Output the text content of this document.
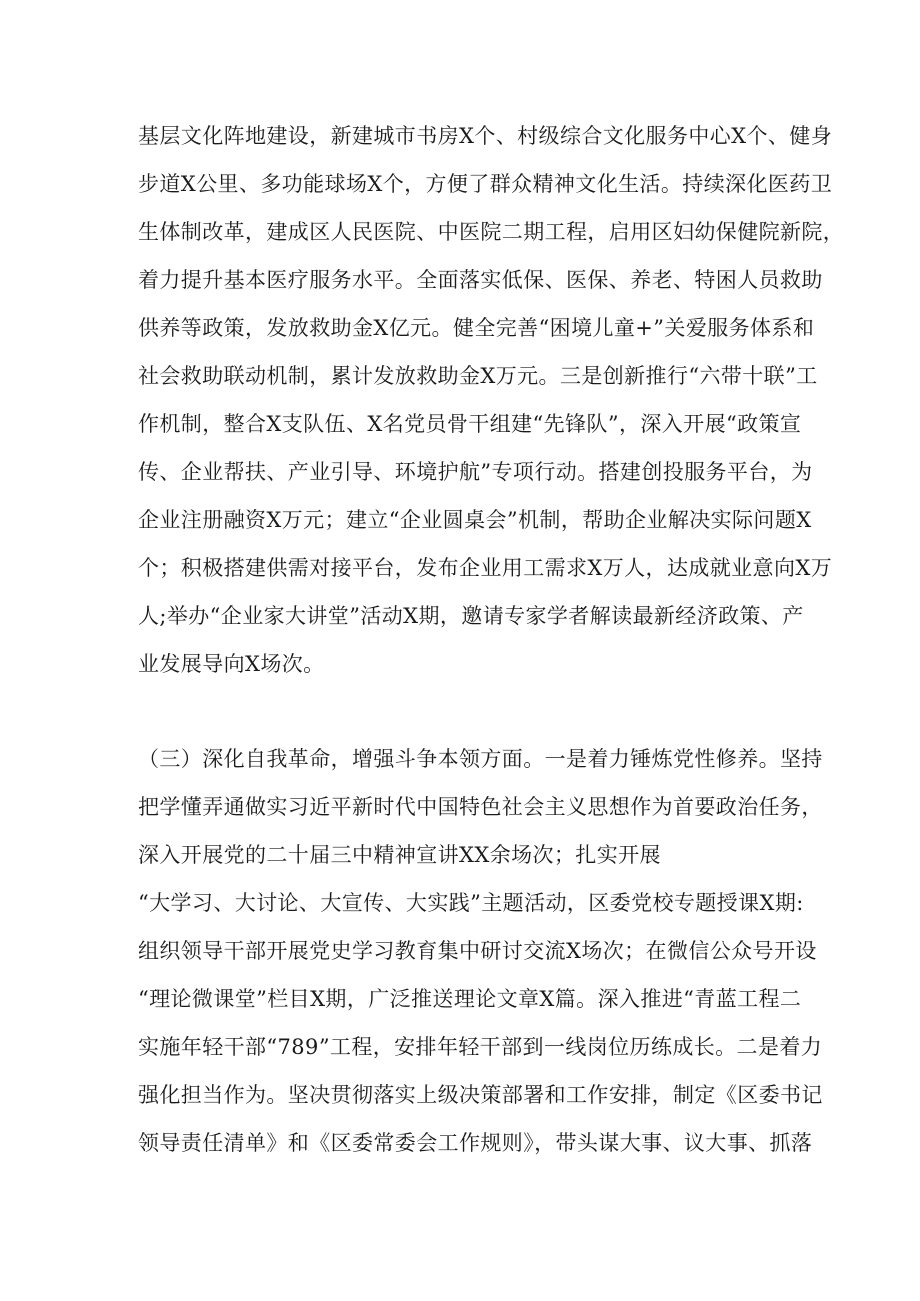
基层文化阵地建设，新建城市书房X个、村级综合文化服务中心X个、健身
步道X公里、多功能球场X个，方便了群众精神文化生活。持续深化医药卫
生体制改革，建成区人民医院、中医院二期工程，启用区妇幼保健院新院，
着力提升基本医疗服务水平。全面落实低保、医保、养老、特困人员救助
供养等政策，发放救助金X亿元。健全完善“困境儿童+”关爱服务体系和
社会救助联动机制，累计发放救助金X万元。三是创新推行“六带十联”工
作机制，整合X支队伍、X名党员骨干组建“先锋队”，深入开展“政策宣
传、企业帮扶、产业引导、环境护航”专项行动。搭建创投服务平台，为
企业注册融资X万元；建立“企业圆桌会”机制，帮助企业解决实际问题X
个；积极搭建供需对接平台，发布企业用工需求X万人，达成就业意向X万
人;举办“企业家大讲堂”活动X期，邀请专家学者解读最新经济政策、产
业发展导向X场次。
（三）深化自我革命，增强斗争本领方面。一是着力锤炼党性修养。坚持
把学懂弄通做实习近平新时代中国特色社会主义思想作为首要政治任务，
深入开展党的二十届三中精神宣讲XX余场次；扎实开展
“大学习、大讨论、大宣传、大实践”主题活动，区委党校专题授课X期:
组织领导干部开展党史学习教育集中研讨交流X场次；在微信公众号开设
“理论微课堂”栏目X期，广泛推送理论文章X篇。深入推进“青蓝工程二
实施年轻干部“789”工程，安排年轻干部到一线岗位历练成长。二是着力
强化担当作为。坚决贯彻落实上级决策部署和工作安排，制定《区委书记
领导责任清单》和《区委常委会工作规则》，带头谋大事、议大事、抓落
